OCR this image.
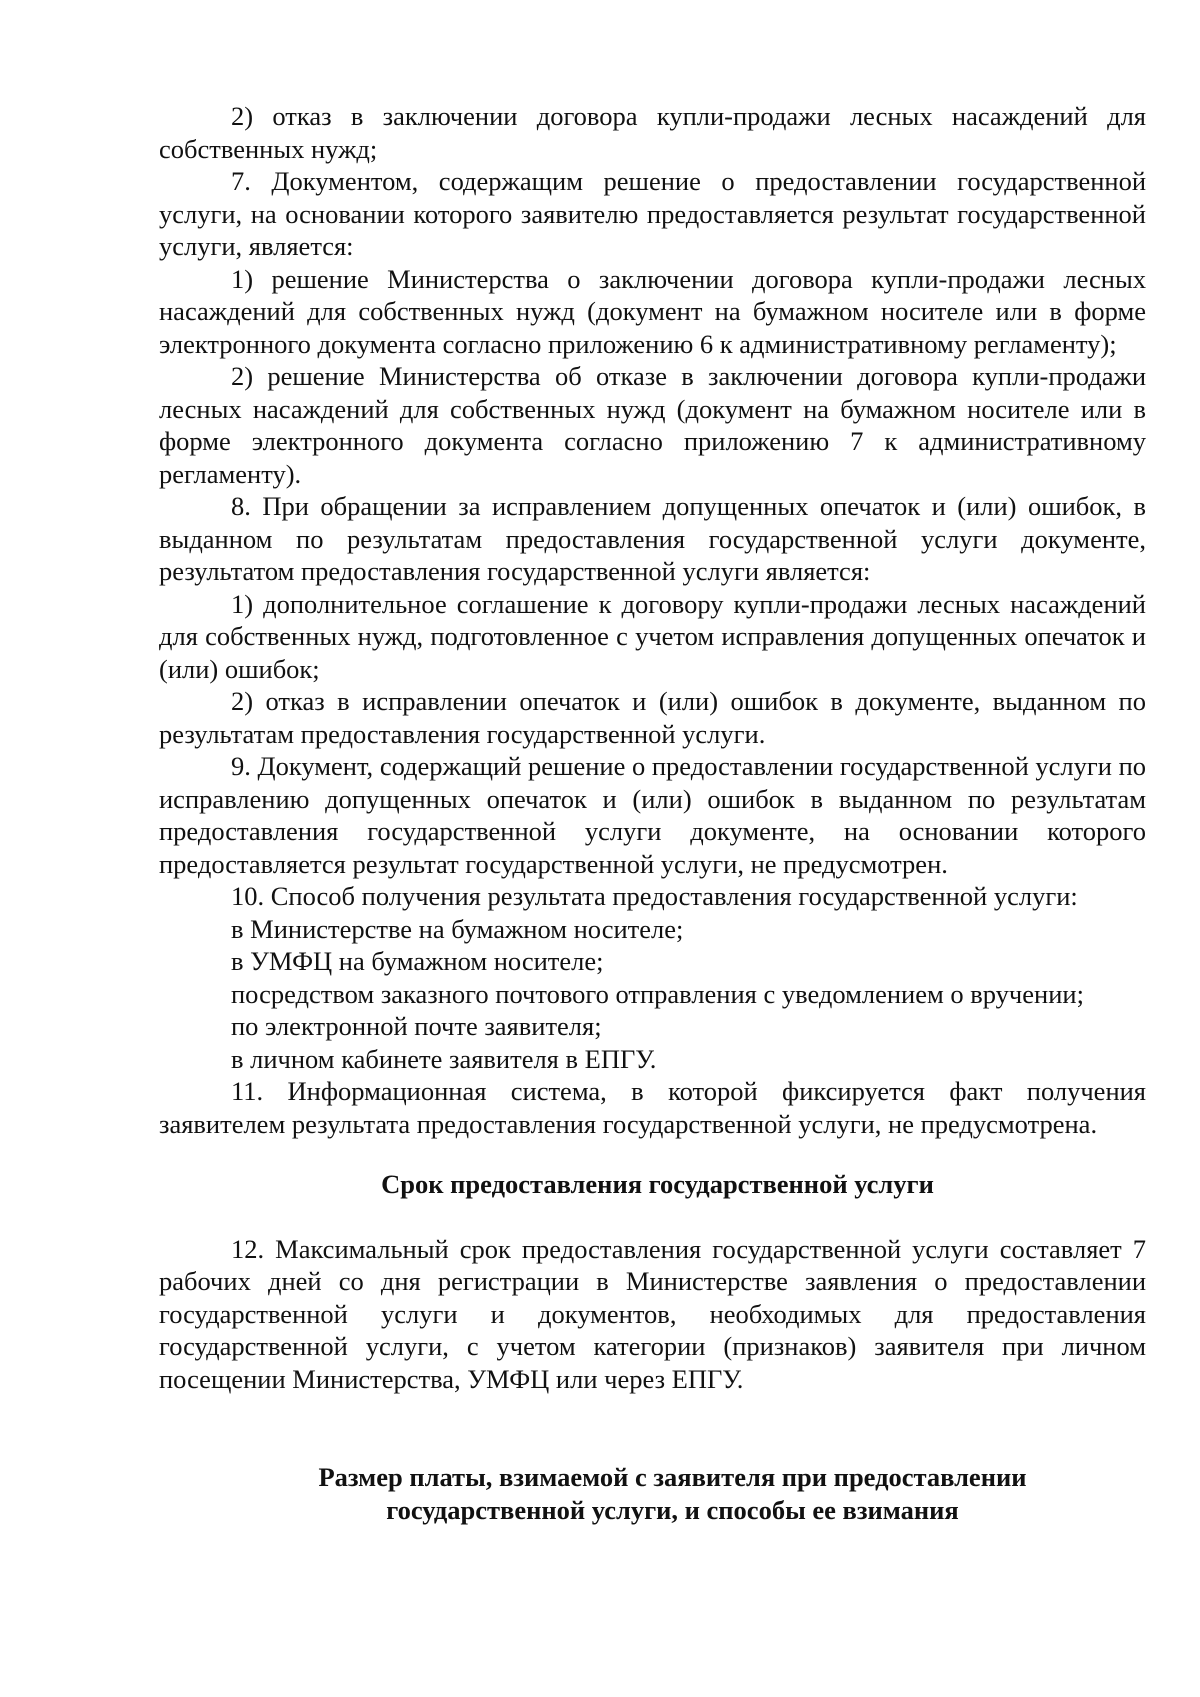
2) отказ в заключении договора купли-продажи лесных насаждений для собственных нужд;

7. Документом, содержащим решение о предоставлении государственной услуги, на основании которого заявителю предоставляется результат государственной услуги, является:

1) решение Министерства о заключении договора купли-продажи лесных насаждений для собственных нужд (документ на бумажном носителе или в форме электронного документа согласно приложению 6 к административному регламенту);

2) решение Министерства об отказе в заключении договора купли-продажи лесных насаждений для собственных нужд (документ на бумажном носителе или в форме электронного документа согласно приложению 7 к административному регламенту).

8. При обращении за исправлением допущенных опечаток и (или) ошибок, в выданном по результатам предоставления государственной услуги документе, результатом предоставления государственной услуги является:

1) дополнительное соглашение к договору купли-продажи лесных насаждений для собственных нужд, подготовленное с учетом исправления допущенных опечаток и (или) ошибок;

2) отказ в исправлении опечаток и (или) ошибок в документе, выданном по результатам предоставления государственной услуги.

9. Документ, содержащий решение о предоставлении государственной услуги по исправлению допущенных опечаток и (или) ошибок в выданном по результатам предоставления государственной услуги документе, на основании которого предоставляется результат государственной услуги, не предусмотрен.

10. Способ получения результата предоставления государственной услуги:

в Министерстве на бумажном носителе;

в УМФЦ на бумажном носителе;

посредством заказного почтового отправления с уведомлением о вручении;

по электронной почте заявителя;

в личном кабинете заявителя в ЕПГУ.

11. Информационная система, в которой фиксируется факт получения заявителем результата предоставления государственной услуги, не предусмотрена.

Срок предоставления государственной услуги

12. Максимальный срок предоставления государственной услуги составляет 7 рабочих дней со дня регистрации в Министерстве заявления о предоставлении государственной услуги и документов, необходимых для предоставления государственной услуги, с учетом категории (признаков) заявителя при личном посещении Министерства, УМФЦ или через ЕПГУ.

Размер платы, взимаемой с заявителя при предоставлении
государственной услуги, и способы ее взимания
